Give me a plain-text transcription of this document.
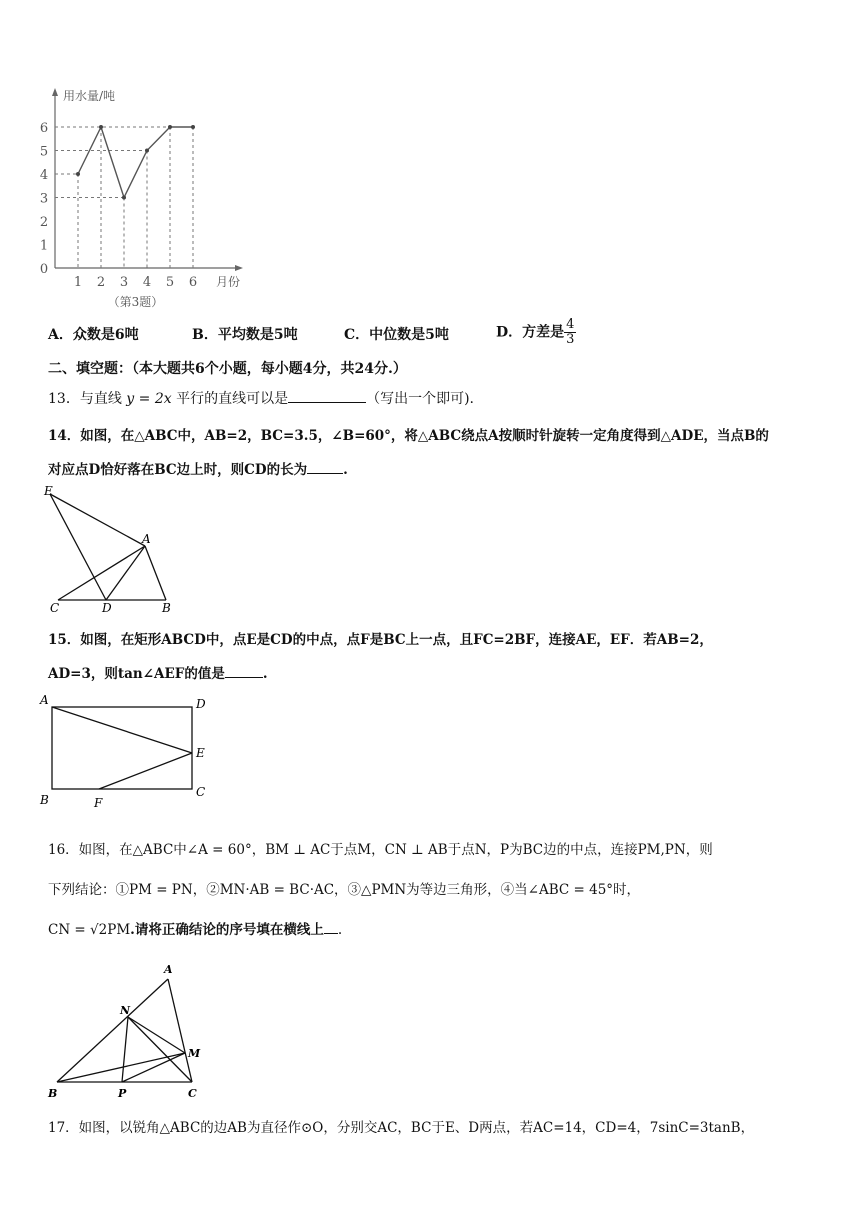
用水量/吨
月份
0
1
2
3
4
5
6
1 2 3 4 5 6
（第3题）
A．众数是6吨	B．平均数是5吨	C．中位数是5吨	D．方差是 $\frac{4}{3}$
二、填空题：（本大题共6个小题，每小题4分，共24分.）
13．与直线 y = 2x 平行的直线可以是	（写出一个即可).
14．如图，在△ABC中，AB=2，BC=3.5，∠B=60°，将△ABC绕点A按顺时针旋转一定角度得到△ADE，当点B的
对应点D恰好落在BC边上时，则CD的长为	.
E
A
C	D	B
15．如图，在矩形ABCD中，点E是CD的中点，点F是BC上一点，且FC=2BF，连接AE，EF．若AB=2，
AD=3，则tan∠AEF的值是	.
A	D
E
B	F
C
16．如图，在△ABC中∠A = 60°，BM ⊥ AC于点M，CN ⊥ AB于点N，P为BC边的中点，连接PM,PN，则
下列结论：①PM = PN，②MN·AB = BC·AC，③△PMN为等边三角形，④当∠ABC = 45°时，
CN = √2PM.请将正确结论的序号填在横线上 .
A
N
M
B	P	C
17．如图，以锐角△ABC的边AB为直径作⊙O，分别交AC，BC于E、D两点，若AC=14，CD=4，7sinC=3tanB，
